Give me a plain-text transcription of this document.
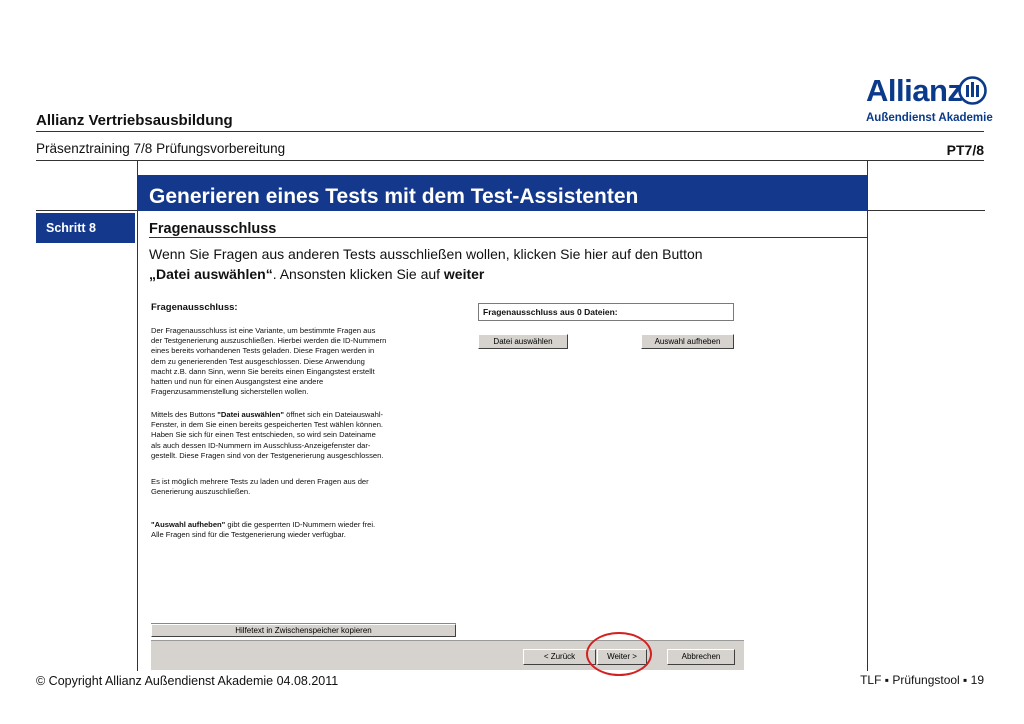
Allianz
Außendienst Akademie
Allianz Vertriebsausbildung
Präsenztraining 7/8 Prüfungsvorbereitung	PT7/8
Generieren eines Tests mit dem Test-Assistenten
Schritt 8	Fragenausschluss
Wenn Sie Fragen aus anderen Tests ausschließen wollen, klicken Sie hier auf den Button
„Datei auswählen“. Ansonsten klicken Sie auf weiter
Fragenausschluss:
Der Fragenausschluss ist eine Variante, um bestimmte Fragen aus
der Testgenerierung auszuschließen. Hierbei werden die ID-Nummern
eines bereits vorhandenen Tests geladen. Diese Fragen werden in
dem zu generierenden Test ausgeschlossen. Diese Anwendung
macht z.B. dann Sinn, wenn Sie bereits einen Eingangstest erstellt
hatten und nun für einen Ausgangstest eine andere
Fragenzusammenstellung sicherstellen wollen.
Mittels des Buttons "Datei auswählen" öffnet sich ein Dateiauswahl-
Fenster, in dem Sie einen bereits gespeicherten Test wählen können.
Haben Sie sich für einen Test entschieden, so wird sein Dateiname
als auch dessen ID-Nummern im Ausschluss-Anzeigefenster dar-
gestellt. Diese Fragen sind von der Testgenerierung ausgeschlossen.
Es ist möglich mehrere Tests zu laden und deren Fragen aus der
Generierung auszuschließen.
"Auswahl aufheben" gibt die gesperrten ID-Nummern wieder frei.
Alle Fragen sind für die Testgenerierung wieder verfügbar.
Fragenausschluss aus 0 Dateien:
Datei auswählen	Auswahl aufheben
Hilfetext in Zwischenspeicher kopieren
< Zurück	Weiter >	Abbrechen
© Copyright Allianz Außendienst Akademie 04.08.2011	TLF ▪ Prüfungstool ▪ 19
